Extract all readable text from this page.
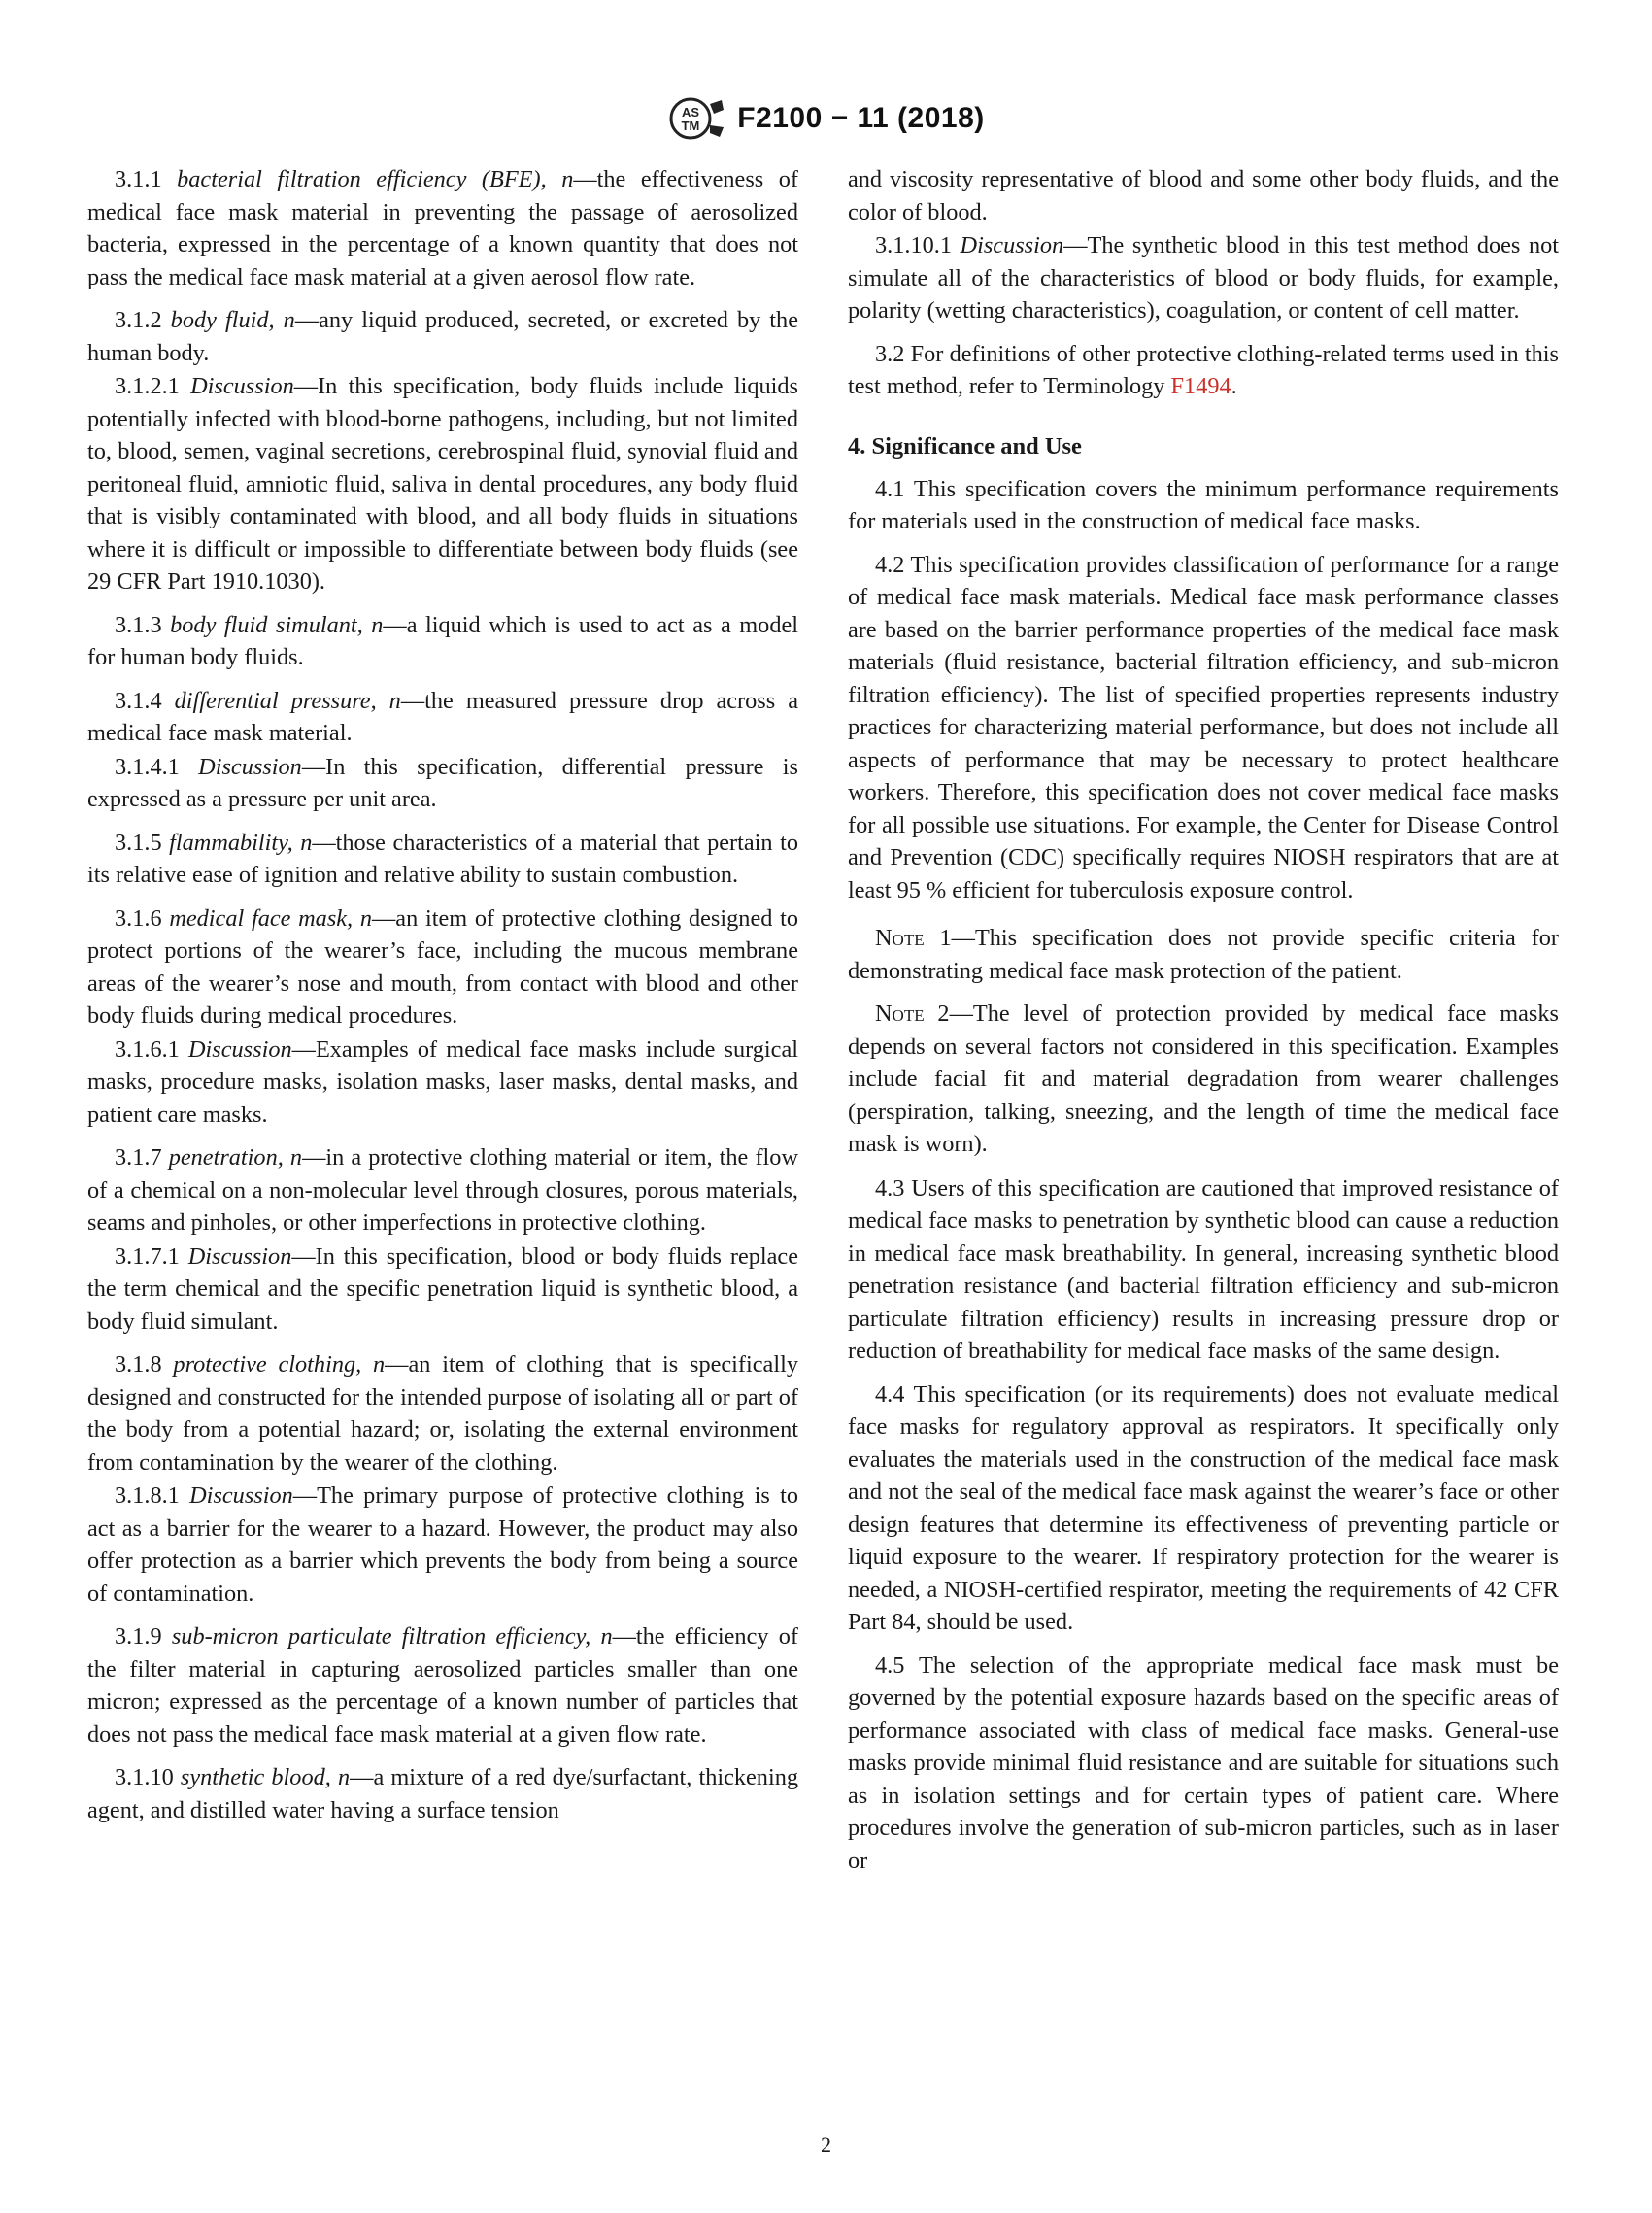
AS
TM F2100 − 11 (2018)

3.1.1 bacterial filtration efficiency (BFE), n—the effectiveness of medical face mask material in preventing the passage of aerosolized bacteria, expressed in the percentage of a known quantity that does not pass the medical face mask material at a given aerosol flow rate.

3.1.2 body fluid, n—any liquid produced, secreted, or excreted by the human body.

3.1.2.1 Discussion—In this specification, body fluids include liquids potentially infected with blood-borne pathogens, including, but not limited to, blood, semen, vaginal secretions, cerebrospinal fluid, synovial fluid and peritoneal fluid, amniotic fluid, saliva in dental procedures, any body fluid that is visibly contaminated with blood, and all body fluids in situations where it is difficult or impossible to differentiate between body fluids (see 29 CFR Part 1910.1030).

3.1.3 body fluid simulant, n—a liquid which is used to act as a model for human body fluids.

3.1.4 differential pressure, n—the measured pressure drop across a medical face mask material.

3.1.4.1 Discussion—In this specification, differential pressure is expressed as a pressure per unit area.

3.1.5 flammability, n—those characteristics of a material that pertain to its relative ease of ignition and relative ability to sustain combustion.

3.1.6 medical face mask, n—an item of protective clothing designed to protect portions of the wearer’s face, including the mucous membrane areas of the wearer’s nose and mouth, from contact with blood and other body fluids during medical procedures.

3.1.6.1 Discussion—Examples of medical face masks include surgical masks, procedure masks, isolation masks, laser masks, dental masks, and patient care masks.

3.1.7 penetration, n—in a protective clothing material or item, the flow of a chemical on a non-molecular level through closures, porous materials, seams and pinholes, or other imperfections in protective clothing.

3.1.7.1 Discussion—In this specification, blood or body fluids replace the term chemical and the specific penetration liquid is synthetic blood, a body fluid simulant.

3.1.8 protective clothing, n—an item of clothing that is specifically designed and constructed for the intended purpose of isolating all or part of the body from a potential hazard; or, isolating the external environment from contamination by the wearer of the clothing.

3.1.8.1 Discussion—The primary purpose of protective clothing is to act as a barrier for the wearer to a hazard. However, the product may also offer protection as a barrier which prevents the body from being a source of contamination.

3.1.9 sub-micron particulate filtration efficiency, n—the efficiency of the filter material in capturing aerosolized particles smaller than one micron; expressed as the percentage of a known number of particles that does not pass the medical face mask material at a given flow rate.

3.1.10 synthetic blood, n—a mixture of a red dye/surfactant, thickening agent, and distilled water having a surface tension

and viscosity representative of blood and some other body fluids, and the color of blood.

3.1.10.1 Discussion—The synthetic blood in this test method does not simulate all of the characteristics of blood or body fluids, for example, polarity (wetting characteristics), coagulation, or content of cell matter.

3.2 For definitions of other protective clothing-related terms used in this test method, refer to Terminology F1494.

4. Significance and Use

4.1 This specification covers the minimum performance requirements for materials used in the construction of medical face masks.

4.2 This specification provides classification of performance for a range of medical face mask materials. Medical face mask performance classes are based on the barrier performance properties of the medical face mask materials (fluid resistance, bacterial filtration efficiency, and sub-micron filtration efficiency). The list of specified properties represents industry practices for characterizing material performance, but does not include all aspects of performance that may be necessary to protect healthcare workers. Therefore, this specification does not cover medical face masks for all possible use situations. For example, the Center for Disease Control and Prevention (CDC) specifically requires NIOSH respirators that are at least 95 % efficient for tuberculosis exposure control.

Note 1—This specification does not provide specific criteria for demonstrating medical face mask protection of the patient.

Note 2—The level of protection provided by medical face masks depends on several factors not considered in this specification. Examples include facial fit and material degradation from wearer challenges (perspiration, talking, sneezing, and the length of time the medical face mask is worn).

4.3 Users of this specification are cautioned that improved resistance of medical face masks to penetration by synthetic blood can cause a reduction in medical face mask breathability. In general, increasing synthetic blood penetration resistance (and bacterial filtration efficiency and sub-micron particulate filtration efficiency) results in increasing pressure drop or reduction of breathability for medical face masks of the same design.

4.4 This specification (or its requirements) does not evaluate medical face masks for regulatory approval as respirators. It specifically only evaluates the materials used in the construction of the medical face mask and not the seal of the medical face mask against the wearer’s face or other design features that determine its effectiveness of preventing particle or liquid exposure to the wearer. If respiratory protection for the wearer is needed, a NIOSH-certified respirator, meeting the requirements of 42 CFR Part 84, should be used.

4.5 The selection of the appropriate medical face mask must be governed by the potential exposure hazards based on the specific areas of performance associated with class of medical face masks. General-use masks provide minimal fluid resistance and are suitable for situations such as in isolation settings and for certain types of patient care. Where procedures involve the generation of sub-micron particles, such as in laser or

2
